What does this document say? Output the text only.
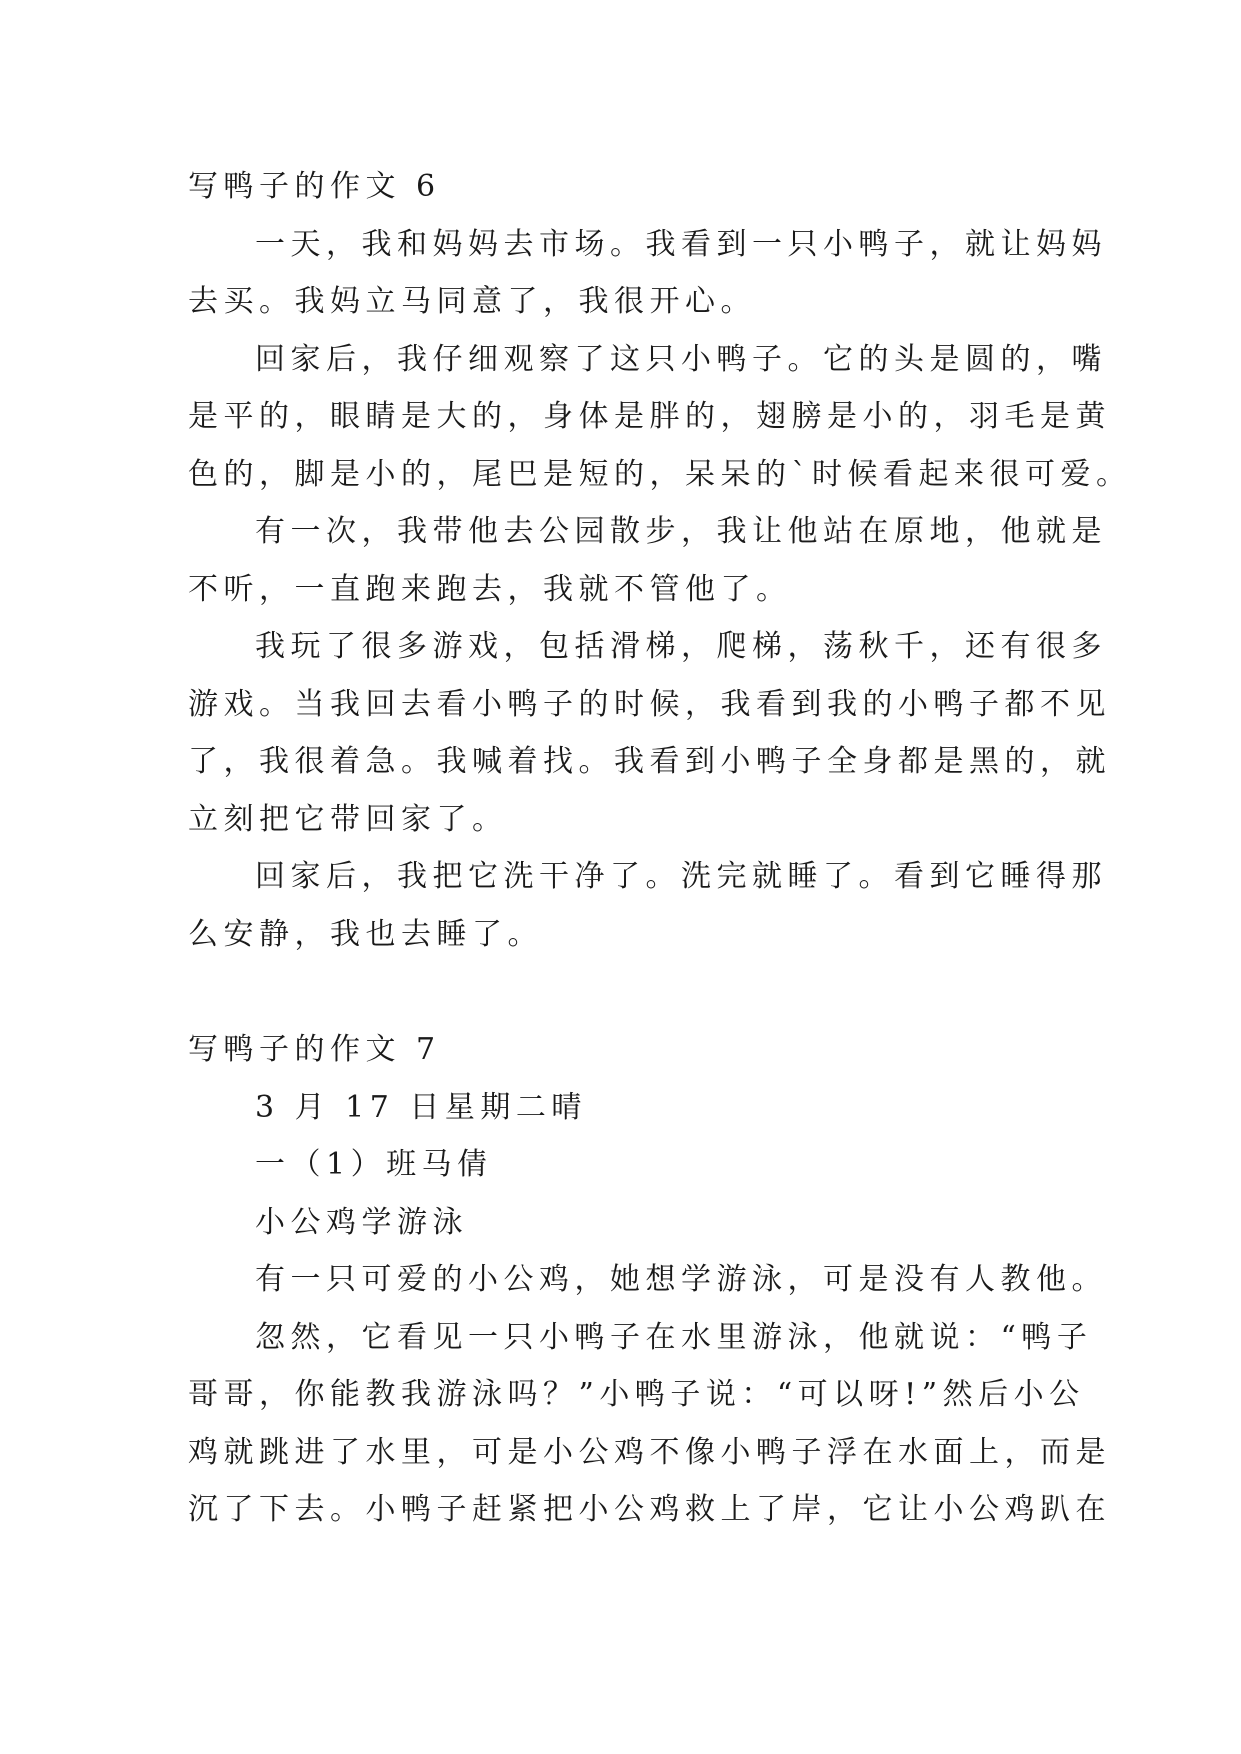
写鸭子的作文 6
一天，我和妈妈去市场。我看到一只小鸭子，就让妈妈
去买。我妈立马同意了，我很开心。
回家后，我仔细观察了这只小鸭子。它的头是圆的，嘴
是平的，眼睛是大的，身体是胖的，翅膀是小的，羽毛是黄
色的，脚是小的，尾巴是短的，呆呆的`时候看起来很可爱。
有一次，我带他去公园散步，我让他站在原地，他就是
不听，一直跑来跑去，我就不管他了。
我玩了很多游戏，包括滑梯，爬梯，荡秋千，还有很多
游戏。当我回去看小鸭子的时候，我看到我的小鸭子都不见
了，我很着急。我喊着找。我看到小鸭子全身都是黑的，就
立刻把它带回家了。
回家后，我把它洗干净了。洗完就睡了。看到它睡得那
么安静，我也去睡了。
写鸭子的作文 7
3 月 17 日星期二晴
一（1）班马倩
小公鸡学游泳
有一只可爱的小公鸡，她想学游泳，可是没有人教他。
忽然，它看见一只小鸭子在水里游泳，他就说：“鸭子
哥哥，你能教我游泳吗？”小鸭子说：“可以呀!”然后小公
鸡就跳进了水里，可是小公鸡不像小鸭子浮在水面上，而是
沉了下去。小鸭子赶紧把小公鸡救上了岸，它让小公鸡趴在
